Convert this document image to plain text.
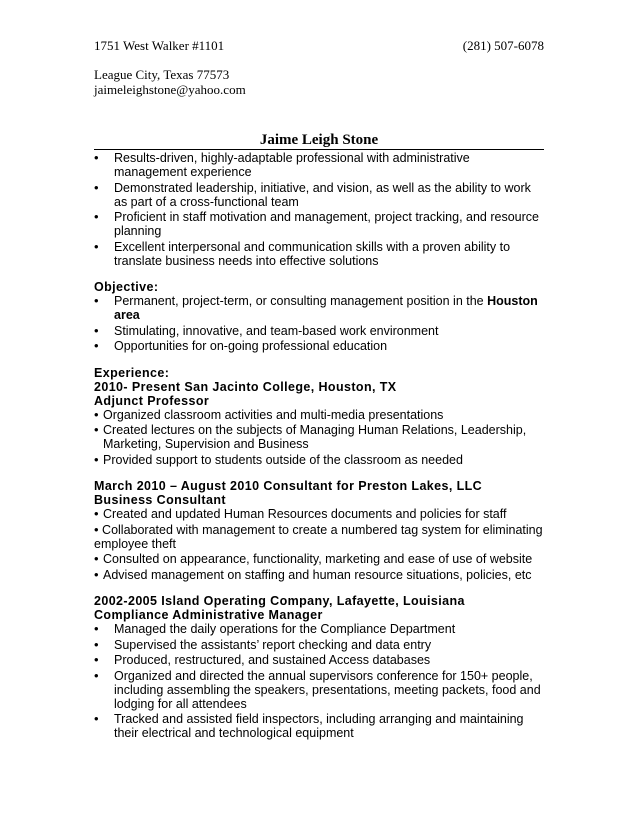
1751 West Walker #1101	(281) 507-6078
League City, Texas 77573
jaimeleighstone@yahoo.com
Jaime Leigh Stone
• Results-driven, highly-adaptable professional with administrative management experience
• Demonstrated leadership, initiative, and vision, as well as the ability to work as part of a cross-functional team
• Proficient in staff motivation and management, project tracking, and resource planning
• Excellent interpersonal and communication skills with a proven ability to translate business needs into effective solutions
Objective:
• Permanent, project-term, or consulting management position in the Houston area
• Stimulating, innovative, and team-based work environment
• Opportunities for on-going professional education
Experience:
2010- Present San Jacinto College, Houston, TX
Adjunct Professor
• Organized classroom activities and multi-media presentations
• Created lectures on the subjects of Managing Human Relations, Leadership, Marketing, Supervision and Business
• Provided support to students outside of the classroom as needed
March 2010 – August 2010 Consultant for Preston Lakes, LLC
Business Consultant
• Created and updated Human Resources documents and policies for staff
• Collaborated with management to create a numbered tag system for eliminating employee theft
• Consulted on appearance, functionality, marketing and ease of use of website
• Advised management on staffing and human resource situations, policies, etc
2002-2005 Island Operating Company, Lafayette, Louisiana
Compliance Administrative Manager
• Managed the daily operations for the Compliance Department
• Supervised the assistants’ report checking and data entry
• Produced, restructured, and sustained Access databases
• Organized and directed the annual supervisors conference for 150+ people, including assembling the speakers, presentations, meeting packets, food and lodging for all attendees
• Tracked and assisted field inspectors, including arranging and maintaining their electrical and technological equipment
